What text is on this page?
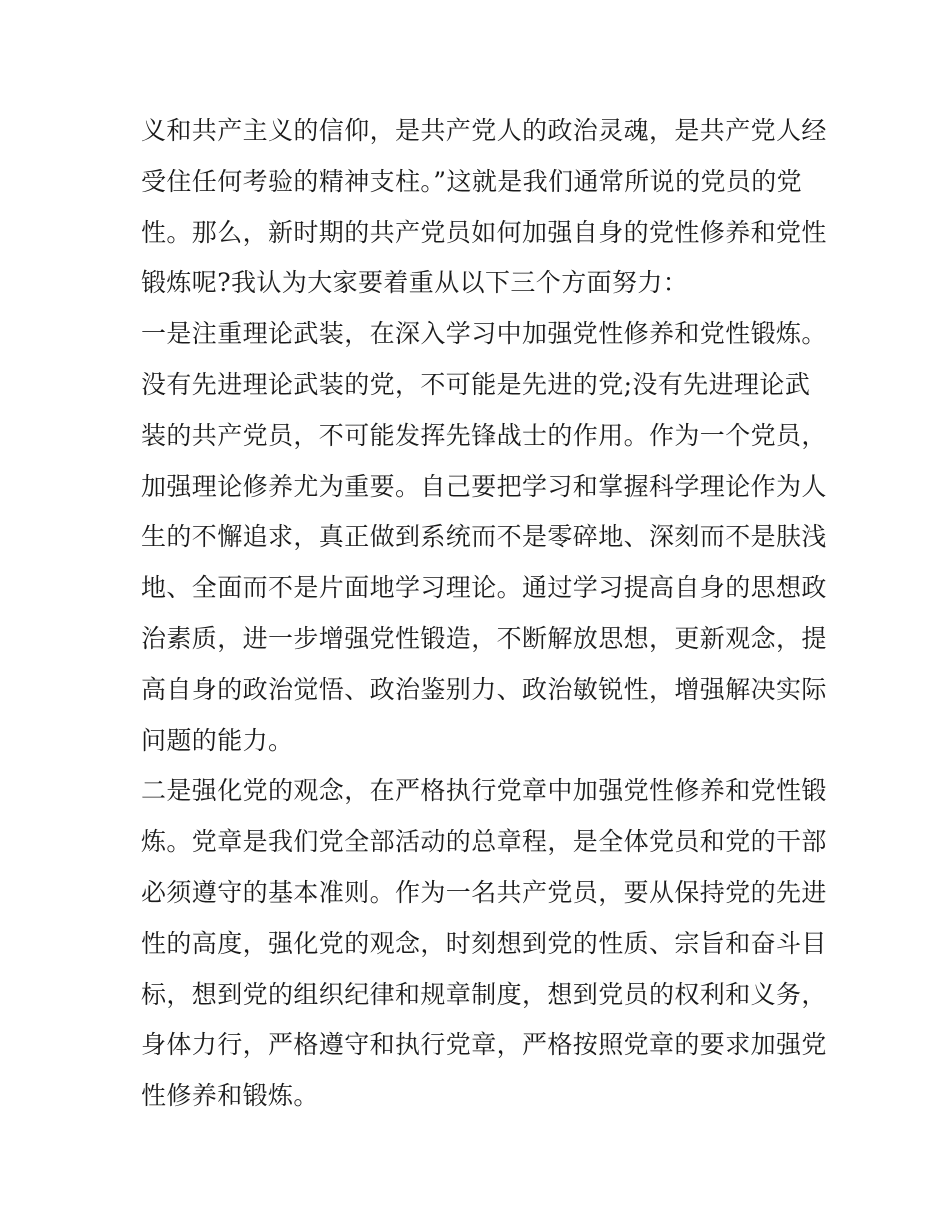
义和共产主义的信仰，是共产党人的政治灵魂，是共产党人经
受住任何考验的精神支柱。”这就是我们通常所说的党员的党
性。那么，新时期的共产党员如何加强自身的党性修养和党性
锻炼呢?我认为大家要着重从以下三个方面努力：
一是注重理论武装，在深入学习中加强党性修养和党性锻炼。
没有先进理论武装的党，不可能是先进的党;没有先进理论武
装的共产党员，不可能发挥先锋战士的作用。作为一个党员，
加强理论修养尤为重要。自己要把学习和掌握科学理论作为人
生的不懈追求，真正做到系统而不是零碎地、深刻而不是肤浅
地、全面而不是片面地学习理论。通过学习提高自身的思想政
治素质，进一步增强党性锻造，不断解放思想，更新观念，提
高自身的政治觉悟、政治鉴别力、政治敏锐性，增强解决实际
问题的能力。
二是强化党的观念，在严格执行党章中加强党性修养和党性锻
炼。党章是我们党全部活动的总章程，是全体党员和党的干部
必须遵守的基本准则。作为一名共产党员，要从保持党的先进
性的高度，强化党的观念，时刻想到党的性质、宗旨和奋斗目
标，想到党的组织纪律和规章制度，想到党员的权利和义务，
身体力行，严格遵守和执行党章，严格按照党章的要求加强党
性修养和锻炼。
